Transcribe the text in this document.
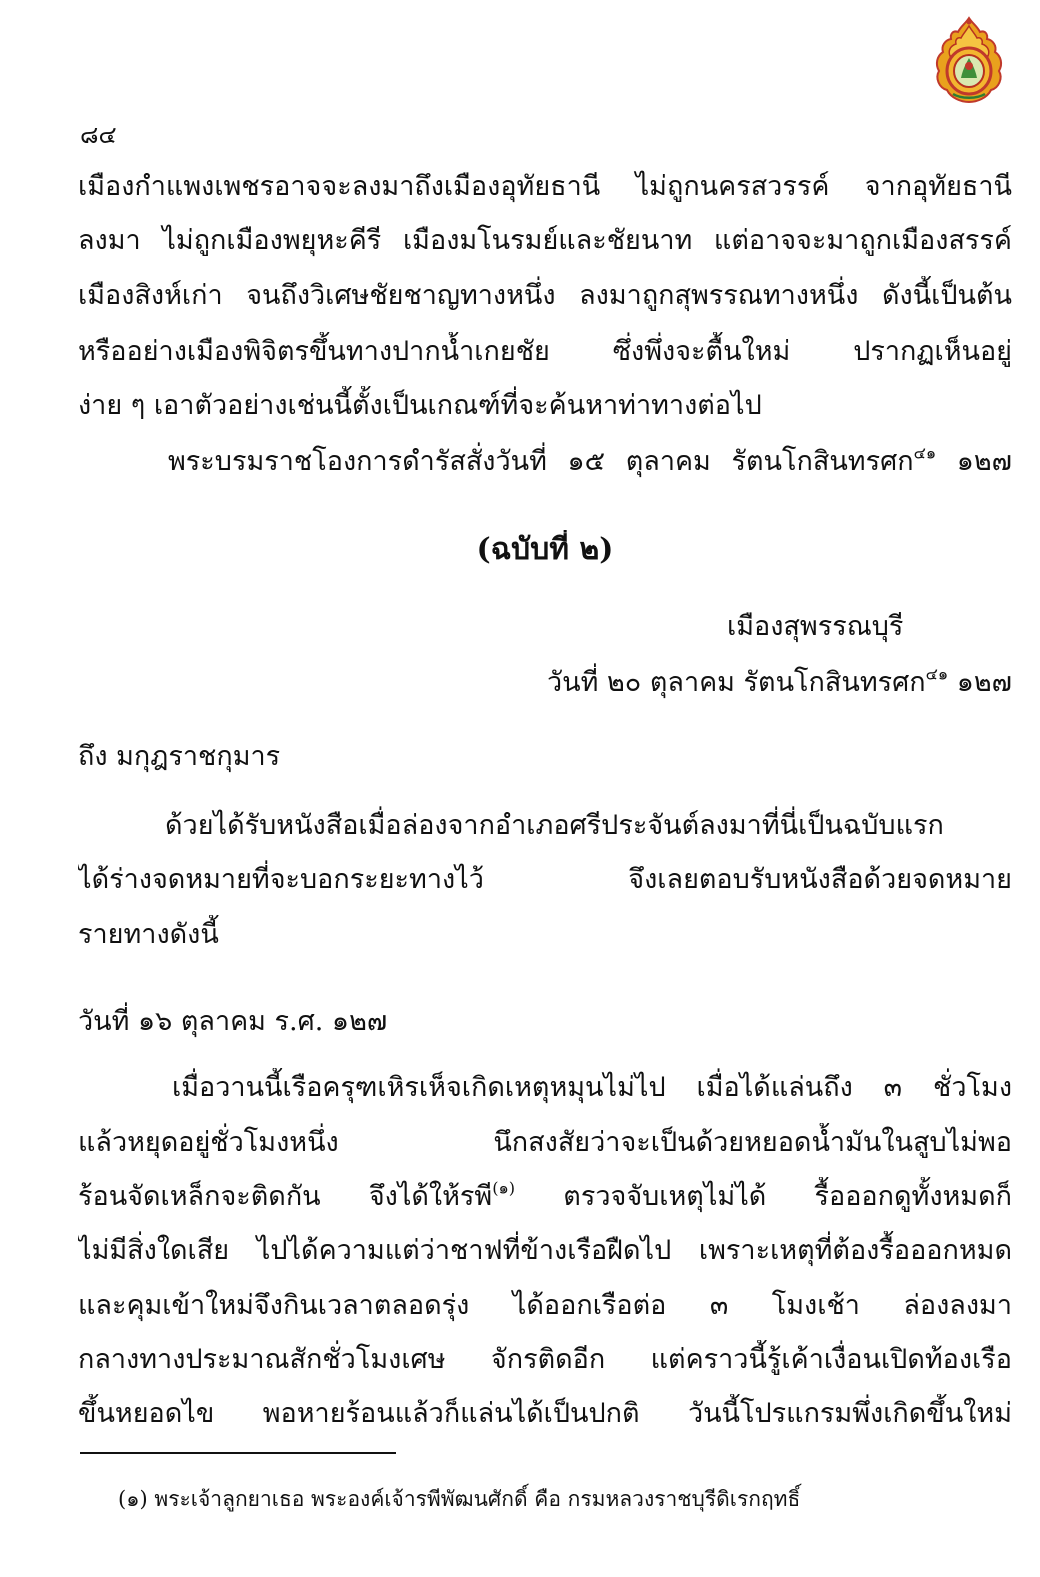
๘๔
เมืองกำแพงเพชรอาจจะลงมาถึงเมืองอุทัยธานี ไม่ถูกนครสวรรค์ จากอุทัยธานี
ลงมา ไม่ถูกเมืองพยุหะคีรี เมืองมโนรมย์และชัยนาท แต่อาจจะมาถูกเมืองสรรค์
เมืองสิงห์เก่า จนถึงวิเศษชัยชาญทางหนึ่ง ลงมาถูกสุพรรณทางหนึ่ง ดังนี้เป็นต้น
หรืออย่างเมืองพิจิตรขึ้นทางปากน้ำเกยชัย ซึ่งพึ่งจะตื้นใหม่ ปรากฏเห็นอยู่
ง่าย ๆ เอาตัวอย่างเช่นนี้ตั้งเป็นเกณฑ์ที่จะค้นหาท่าทางต่อไป
พระบรมราชโองการดำรัสสั่งวันที่ ๑๕ ตุลาคม รัตนโกสินทรศก$^{๔๑}$ ๑๒๗
(ฉบับที่ ๒)
เมืองสุพรรณบุรี
วันที่ ๒๐ ตุลาคม รัตนโกสินทรศก$^{๔๑}$ ๑๒๗
ถึง มกุฎราชกุมาร
ด้วยได้รับหนังสือเมื่อล่องจากอำเภอศรีประจันต์ลงมาที่นี่เป็นฉบับแรก
ได้ร่างจดหมายที่จะบอกระยะทางไว้ จึงเลยตอบรับหนังสือด้วยจดหมาย
รายทางดังนี้
วันที่ ๑๖ ตุลาคม ร.ศ. ๑๒๗
เมื่อวานนี้เรือครุฑเหิรเห็จเกิดเหตุหมุนไม่ไป เมื่อได้แล่นถึง ๓ ชั่วโมง
แล้วหยุดอยู่ชั่วโมงหนึ่ง นึกสงสัยว่าจะเป็นด้วยหยอดน้ำมันในสูบไม่พอ
ร้อนจัดเหล็กจะติดกัน จึงได้ให้รพี$^{(๑)}$ ตรวจจับเหตุไม่ได้ รื้อออกดูทั้งหมดก็
ไม่มีสิ่งใดเสีย ไปได้ความแต่ว่าชาฟที่ข้างเรือฝืดไป เพราะเหตุที่ต้องรื้อออกหมด
และคุมเข้าใหม่จึงกินเวลาตลอดรุ่ง ได้ออกเรือต่อ ๓ โมงเช้า ล่องลงมา
กลางทางประมาณสักชั่วโมงเศษ จักรติดอีก แต่คราวนี้รู้เค้าเงื่อนเปิดท้องเรือ
ขึ้นหยอดไข พอหายร้อนแล้วก็แล่นได้เป็นปกติ วันนี้โปรแกรมพึ่งเกิดขึ้นใหม่
(๑) พระเจ้าลูกยาเธอ พระองค์เจ้ารพีพัฒนศักดิ์ คือ กรมหลวงราชบุรีดิเรกฤทธิ์
